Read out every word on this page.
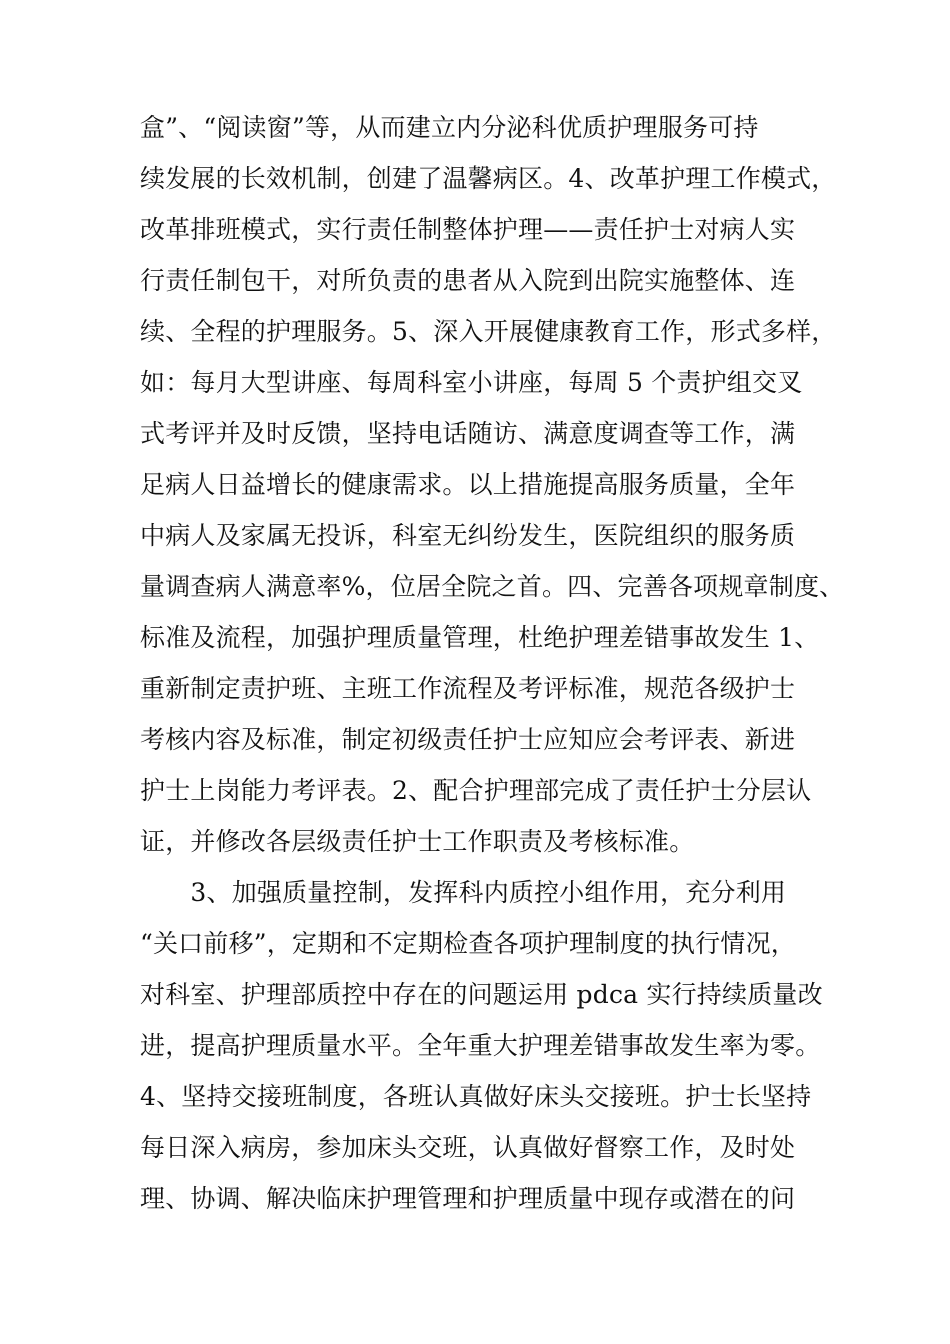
盒”、“阅读窗”等，从而建立内分泌科优质护理服务可持
续发展的长效机制，创建了温馨病区。4、改革护理工作模式，
改革排班模式，实行责任制整体护理——责任护士对病人实
行责任制包干，对所负责的患者从入院到出院实施整体、连
续、全程的护理服务。5、深入开展健康教育工作，形式多样，
如：每月大型讲座、每周科室小讲座，每周 5 个责护组交叉
式考评并及时反馈，坚持电话随访、满意度调查等工作，满
足病人日益增长的健康需求。以上措施提高服务质量，全年
中病人及家属无投诉，科室无纠纷发生，医院组织的服务质
量调查病人满意率%，位居全院之首。四、完善各项规章制度、
标准及流程，加强护理质量管理，杜绝护理差错事故发生 1、
重新制定责护班、主班工作流程及考评标准，规范各级护士
考核内容及标准，制定初级责任护士应知应会考评表、新进
护士上岗能力考评表。2、配合护理部完成了责任护士分层认
证，并修改各层级责任护士工作职责及考核标准。
　　3、加强质量控制，发挥科内质控小组作用，充分利用
“关口前移”，定期和不定期检查各项护理制度的执行情况，
对科室、护理部质控中存在的问题运用 pdca 实行持续质量改
进，提高护理质量水平。全年重大护理差错事故发生率为零。
4、坚持交接班制度，各班认真做好床头交接班。护士长坚持
每日深入病房，参加床头交班，认真做好督察工作，及时处
理、协调、解决临床护理管理和护理质量中现存或潜在的问
